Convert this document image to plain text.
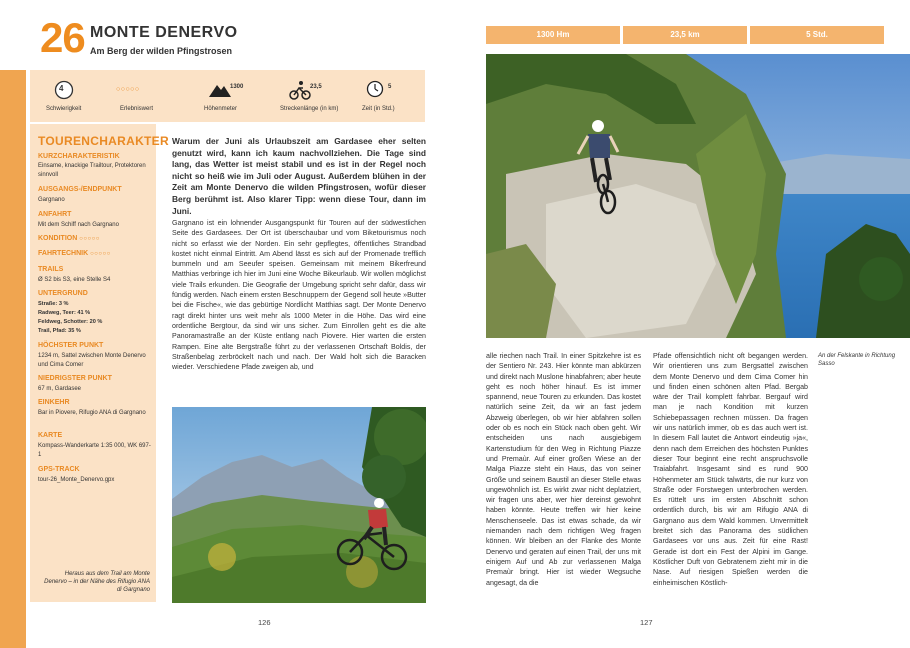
26 MONTE DENERVO
Am Berg der wilden Pfingstrosen
4
Schwierigkeit
○○○○○
Erlebniswert
1300
Höhenmeter
23,5
Streckenlänge (in km)
5
Zeit (in Std.)
TOURENCHARAKTER
KURZCHARAKTERISTIK
Einsame, knackige Trailtour, Protektoren sinnvoll
AUSGANGS-/ENDPUNKT
Gargnano
ANFAHRT
Mit dem Schiff nach Gargnano
KONDITION ○○○○○
FAHRTECHNIK ○○○○○
TRAILS
Ø S2 bis S3, eine Stelle S4
UNTERGRUND
Straße: 3 %
Radweg, Teer: 41 %
Feldweg, Schotter: 20 %
Trail, Pfad: 35 %
HÖCHSTER PUNKT
1234 m, Sattel zwischen Monte Denervo und Cima Comer
NIEDRIGSTER PUNKT
67 m, Gardasee
EINKEHR
Bar in Piovere, Rifugio ANA di Gargnano
KARTE
Kompass-Wanderkarte 1:35 000, WK 697-1
GPS-TRACK
tour-26_Monte_Denervo.gpx
Heraus aus dem Trail am Monte Denervo – in der Nähe des Rifugio ANA di Gargnano
Warum der Juni als Urlaubszeit am Gardasee eher selten genutzt wird, kann ich kaum nachvollziehen. Die Tage sind lang, das Wetter ist meist stabil und es ist in der Regel noch nicht so heiß wie im Juli oder August. Außerdem blühen in der Zeit am Monte Denervo die wilden Pfingstrosen, wofür dieser Berg berühmt ist. Also klarer Tipp: wenn diese Tour, dann im Juni.
Gargnano ist ein lohnender Ausgangspunkt für Touren auf der südwestlichen Seite des Gardasees. Der Ort ist überschaubar und vom Biketourismus noch nicht so erfasst wie der Norden. Ein sehr gepflegtes, öffentliches Strandbad kostet nicht einmal Eintritt. Am Abend lässt es sich auf der Promenade trefflich bummeln und am Seeufer speisen. Gemeinsam mit meinem Bikerfreund Matthias verbringe ich hier im Juni eine Woche Bikeurlaub. Wir wollen möglichst viele Trails erkunden. Die Geografie der Umgebung spricht sehr dafür, dass wir fündig werden. Nach einem ersten Beschnuppern der Gegend soll heute »Butter bei die Fische«, wie das gebürtige Nordlicht Matthias sagt. Der Monte Denervo ragt direkt hinter uns weit mehr als 1000 Meter in die Höhe. Das wird eine ordentliche Bergtour, da sind wir uns sicher. Zum Einrollen geht es die alte Panoramastraße an der Küste entlang nach Piovere. Hier warten die ersten Rampen. Eine alte Bergstraße führt zu der verlassenen Ortschaft Boldis, der Straßenbelag zerbröckelt nach und nach. Der Wald holt sich die Baracken wieder. Verschiedene Pfade zweigen ab, und
126
1300 Hm	23,5 km	5 Std.
An der Felskante in Richtung Sasso
alle riechen nach Trail. In einer Spitzkehre ist es der Sentiero Nr. 243. Hier könnte man abkürzen und direkt nach Muslone hinabfahren; aber heute geht es noch höher hinauf. Es ist immer spannend, neue Touren zu erkunden. Das kostet natürlich seine Zeit, da wir an fast jedem Abzweig überlegen, ob wir hier abfahren sollen oder ob es noch ein Stück nach oben geht. Wir entscheiden uns nach ausgiebigem Kartenstudium für den Weg in Richtung Piazze und Premaùr. Auf einer großen Wiese an der Malga Piazze steht ein Haus, das von seiner Größe und seinem Baustil an dieser Stelle etwas ungewöhnlich ist. Es wirkt zwar nicht deplatziert, wir fragen uns aber, wer hier dereinst gewohnt haben könnte. Heute treffen wir hier keine Menschenseele. Das ist etwas schade, da wir niemanden nach dem richtigen Weg fragen können. Wir bleiben an der Flanke des Monte Denervo und geraten auf einen Trail, der uns mit einigem Auf und Ab zur verlassenen Malga Premaùr bringt. Hier ist wieder Wegsuche angesagt, da die
Pfade offensichtlich nicht oft begangen werden. Wir orientieren uns zum Bergsattel zwischen dem Monte Denervo und dem Cima Comer hin und finden einen schönen alten Pfad. Bergab wäre der Trail komplett fahrbar. Bergauf wird man je nach Kondition mit kurzen Schiebepassagen rechnen müssen. Da fragen wir uns natürlich immer, ob es das auch wert ist. In diesem Fall lautet die Antwort eindeutig »ja«, denn nach dem Erreichen des höchsten Punktes dieser Tour beginnt eine recht anspruchsvolle Traiabfahrt. Insgesamt sind es rund 900 Höhenmeter am Stück talwärts, die nur kurz von Straße oder Forstwegen unterbrochen werden. Es rüttelt uns im ersten Abschnitt schon ordentlich durch, bis wir am Rifugio ANA di Gargnano aus dem Wald kommen. Unvermittelt breitet sich das Panorama des südlichen Gardasees vor uns aus. Zeit für eine Rast! Gerade ist dort ein Fest der Alpini im Gange. Köstlicher Duft von Gebratenem zieht mir in die Nase. Auf riesigen Spießen werden die einheimischen Köstlich-
127
